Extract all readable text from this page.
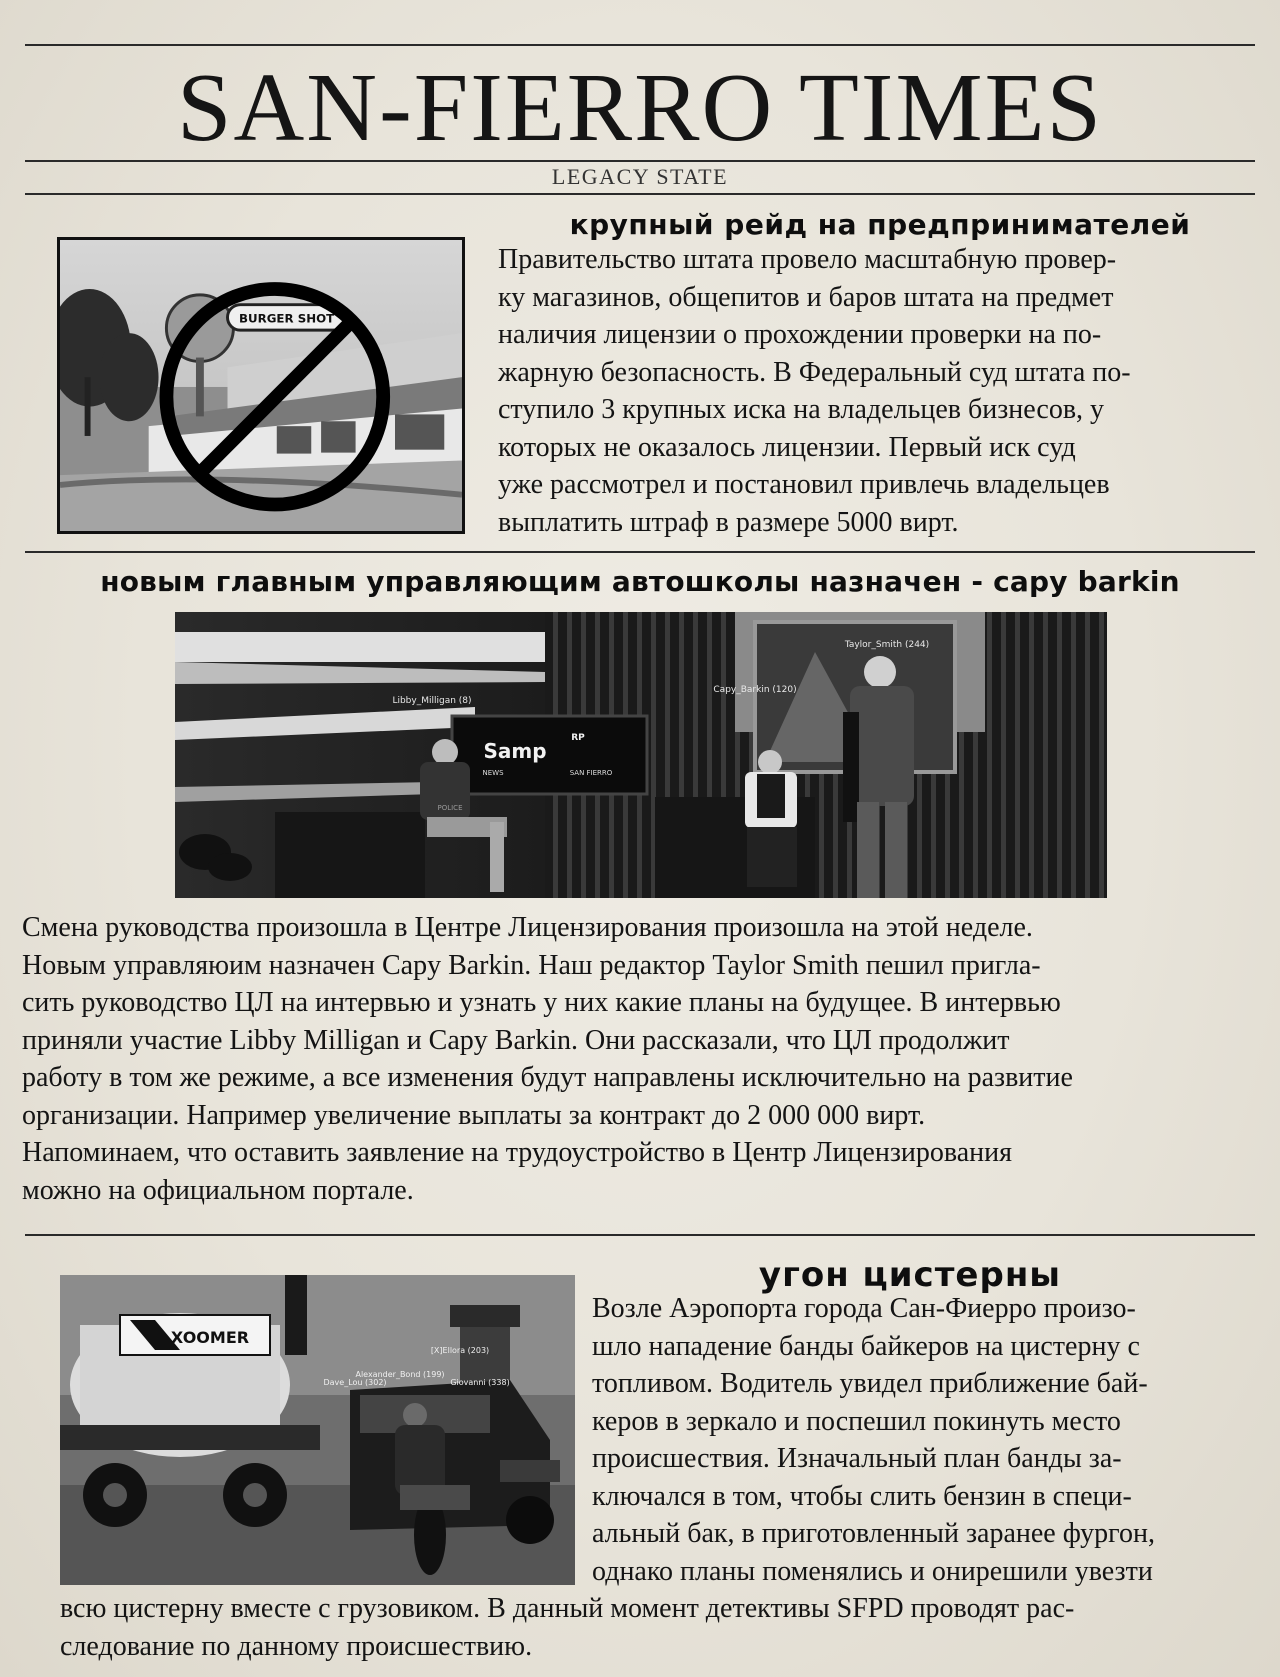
SAN-FIERRO TIMES
LEGACY STATE
крупный рейд на предпринимателей
BURGER SHOT

Правительство штата провело масштабную провер-
ку магазинов, общепитов и баров штата на предмет
наличия лицензии о прохождении проверки на по-
жарную безопасность. В Федеральный суд штата по-
ступило 3 крупных иска на владельцев бизнесов, у
которых не оказалось лицензии. Первый иск суд
уже рассмотрел и постановил привлечь владельцев
выплатить штраф в размере 5000 вирт.

новым главным управляющим автошколы назначен - capy barkin
Samp
RP
NEWS	SAN FIERRO
POLICE
Libby_Milligan (8)
Capy_Barkin (120)
Taylor_Smith (244)

Смена руководства произошла в Центре Лицензирования произошла на этой неделе.
Новым управляюим назначен Capy Barkin. Наш редактор Taylor Smith пешил пригла-
сить руководство ЦЛ на интервью и узнать у них какие планы на будущее. В интервью
приняли участие Libby Milligan и Capy Barkin. Они рассказали, что ЦЛ продолжит
работу в том же режиме, а все изменения будут направлены исключительно на развитие
организации. Например увеличение выплаты за контракт до 2 000 000 вирт.
Напоминаем, что оставить заявление на трудоустройство в Центр Лицензирования
можно на официальном портале.

угон цистерны
XOOMER
Dave_Lou (302)
Alexander_Bond (199)
Giovanni (338)
[X]Ellora (203)

Возле Аэропорта города Сан-Фиерро произо-
шло нападение банды байкеров на цистерну с
топливом. Водитель увидел приближение бай-
керов в зеркало и поспешил покинуть место
происшествия. Изначальный план банды за-
ключался в том, чтобы слить бензин в специ-
альный бак, в приготовленный заранее фургон,
однако планы поменялись и онирешили увезти

всю цистерну вместе с грузовиком. В данный момент детективы SFPD проводят рас-
следование по данному происшествию.
